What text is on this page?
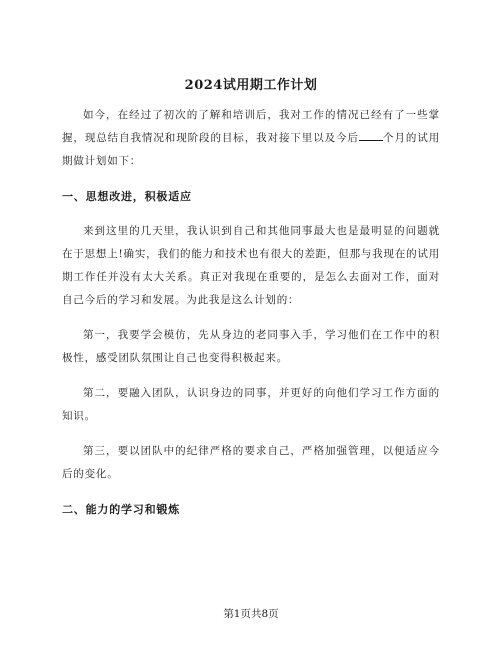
2024试用期工作计划

如今，在经过了初次的了解和培训后，我对工作的情况已经有了一些掌握，现总结自我情况和现阶段的目标，我对接下里以及今后 个月的试用期做计划如下：

一、思想改进，积极适应

来到这里的几天里，我认识到自己和其他同事最大也是最明显的问题就在于思想上!确实，我们的能力和技术也有很大的差距，但那与我现在的试用期工作任并没有太大关系。真正对我现在重要的，是怎么去面对工作，面对自己今后的学习和发展。为此我是这么计划的：

第一，我要学会模仿，先从身边的老同事入手，学习他们在工作中的积极性，感受团队氛围让自己也变得积极起来。

第二，要融入团队，认识身边的同事，并更好的向他们学习工作方面的知识。

第三，要以团队中的纪律严格的要求自己，严格加强管理，以便适应今后的变化。

二、能力的学习和锻炼
第1页共8页
